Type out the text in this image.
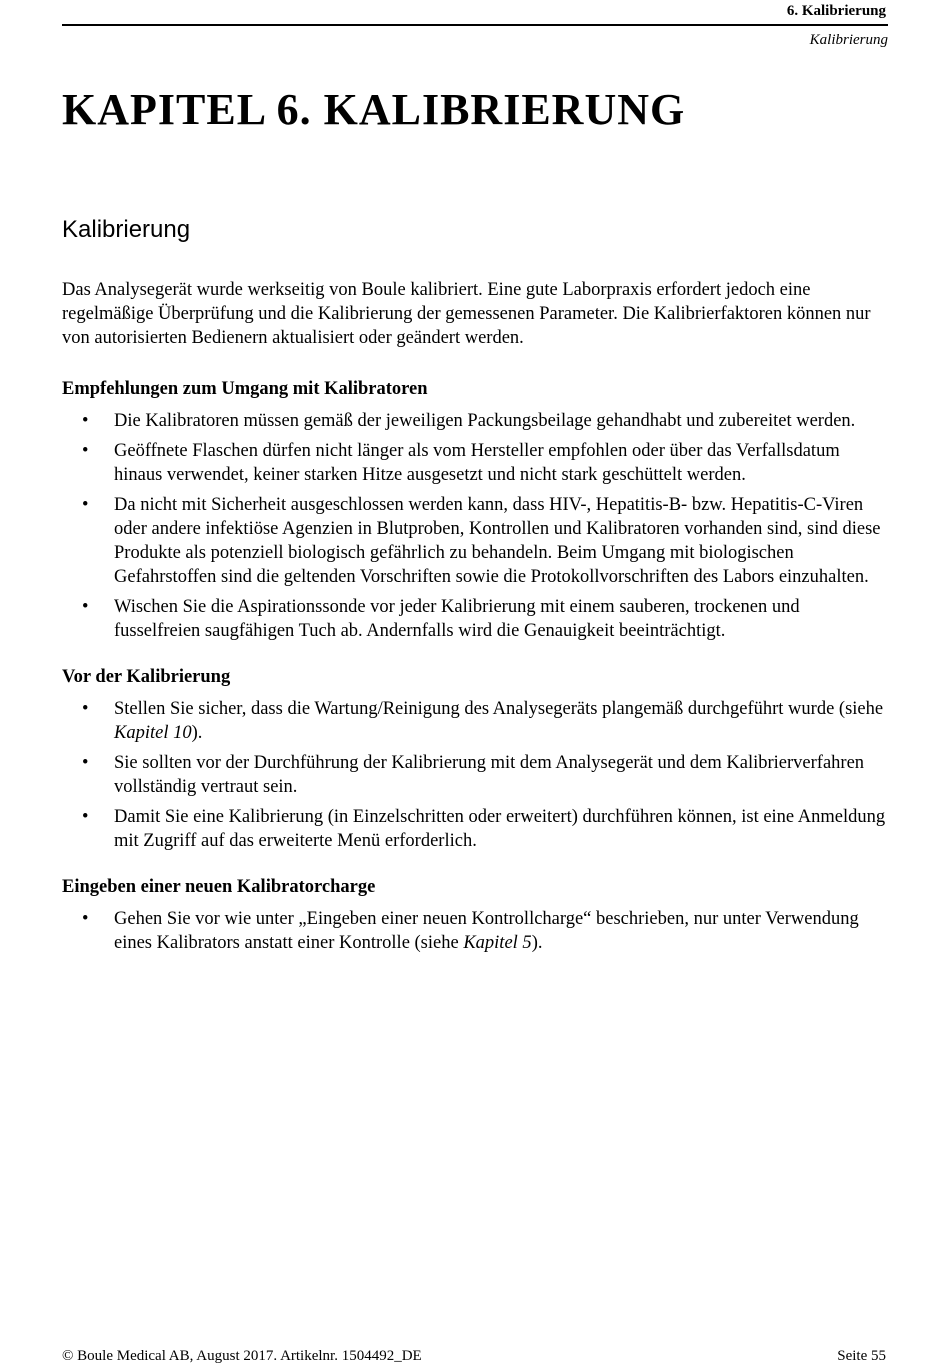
6. Kalibrierung
Kalibrierung
KAPITEL 6. KALIBRIERUNG
Kalibrierung

Das Analysegerät wurde werkseitig von Boule kalibriert. Eine gute Laborpraxis erfordert jedoch eine regelmäßige Überprüfung und die Kalibrierung der gemessenen Parameter. Die Kalibrierfaktoren können nur von autorisierten Bedienern aktualisiert oder geändert werden.

Empfehlungen zum Umgang mit Kalibratoren
• Die Kalibratoren müssen gemäß der jeweiligen Packungsbeilage gehandhabt und zubereitet werden.
• Geöffnete Flaschen dürfen nicht länger als vom Hersteller empfohlen oder über das Verfallsdatum hinaus verwendet, keiner starken Hitze ausgesetzt und nicht stark geschüttelt werden.
• Da nicht mit Sicherheit ausgeschlossen werden kann, dass HIV-, Hepatitis-B- bzw. Hepatitis-C-Viren oder andere infektiöse Agenzien in Blutproben, Kontrollen und Kalibratoren vorhanden sind, sind diese Produkte als potenziell biologisch gefährlich zu behandeln. Beim Umgang mit biologischen Gefahrstoffen sind die geltenden Vorschriften sowie die Protokollvorschriften des Labors einzuhalten.
• Wischen Sie die Aspirationssonde vor jeder Kalibrierung mit einem sauberen, trockenen und fusselfreien saugfähigen Tuch ab. Andernfalls wird die Genauigkeit beeinträchtigt.
Vor der Kalibrierung
• Stellen Sie sicher, dass die Wartung/Reinigung des Analysegeräts plangemäß durchgeführt wurde (siehe Kapitel 10).
• Sie sollten vor der Durchführung der Kalibrierung mit dem Analysegerät und dem Kalibrierverfahren vollständig vertraut sein.
• Damit Sie eine Kalibrierung (in Einzelschritten oder erweitert) durchführen können, ist eine Anmeldung mit Zugriff auf das erweiterte Menü erforderlich.
Eingeben einer neuen Kalibratorcharge
• Gehen Sie vor wie unter „Eingeben einer neuen Kontrollcharge“ beschrieben, nur unter Verwendung eines Kalibrators anstatt einer Kontrolle (siehe Kapitel 5).
© Boule Medical AB, August 2017. Artikelnr. 1504492_DE	Seite 55
